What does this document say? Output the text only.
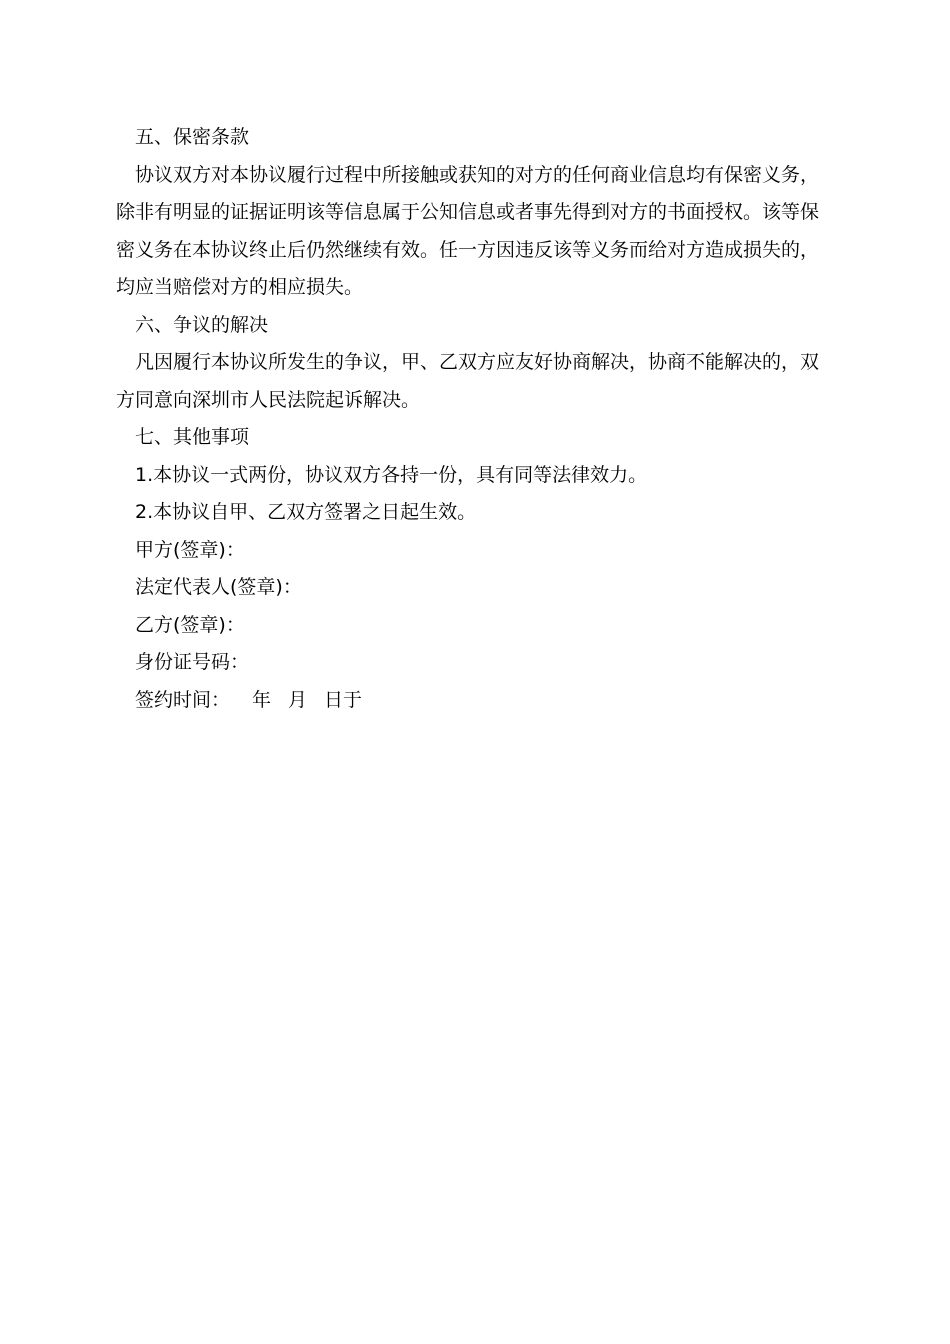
五、保密条款
协议双方对本协议履行过程中所接触或获知的对方的任何商业信息均有保密义务，
除非有明显的证据证明该等信息属于公知信息或者事先得到对方的书面授权。该等保
密义务在本协议终止后仍然继续有效。任一方因违反该等义务而给对方造成损失的，
均应当赔偿对方的相应损失。
六、争议的解决
凡因履行本协议所发生的争议，甲、乙双方应友好协商解决，协商不能解决的，双
方同意向深圳市人民法院起诉解决。
七、其他事项
1.本协议一式两份，协议双方各持一份，具有同等法律效力。
2.本协议自甲、乙双方签署之日起生效。
甲方(签章)：
法定代表人(签章)：
乙方(签章)：
身份证号码：
签约时间： 年 月 日于
